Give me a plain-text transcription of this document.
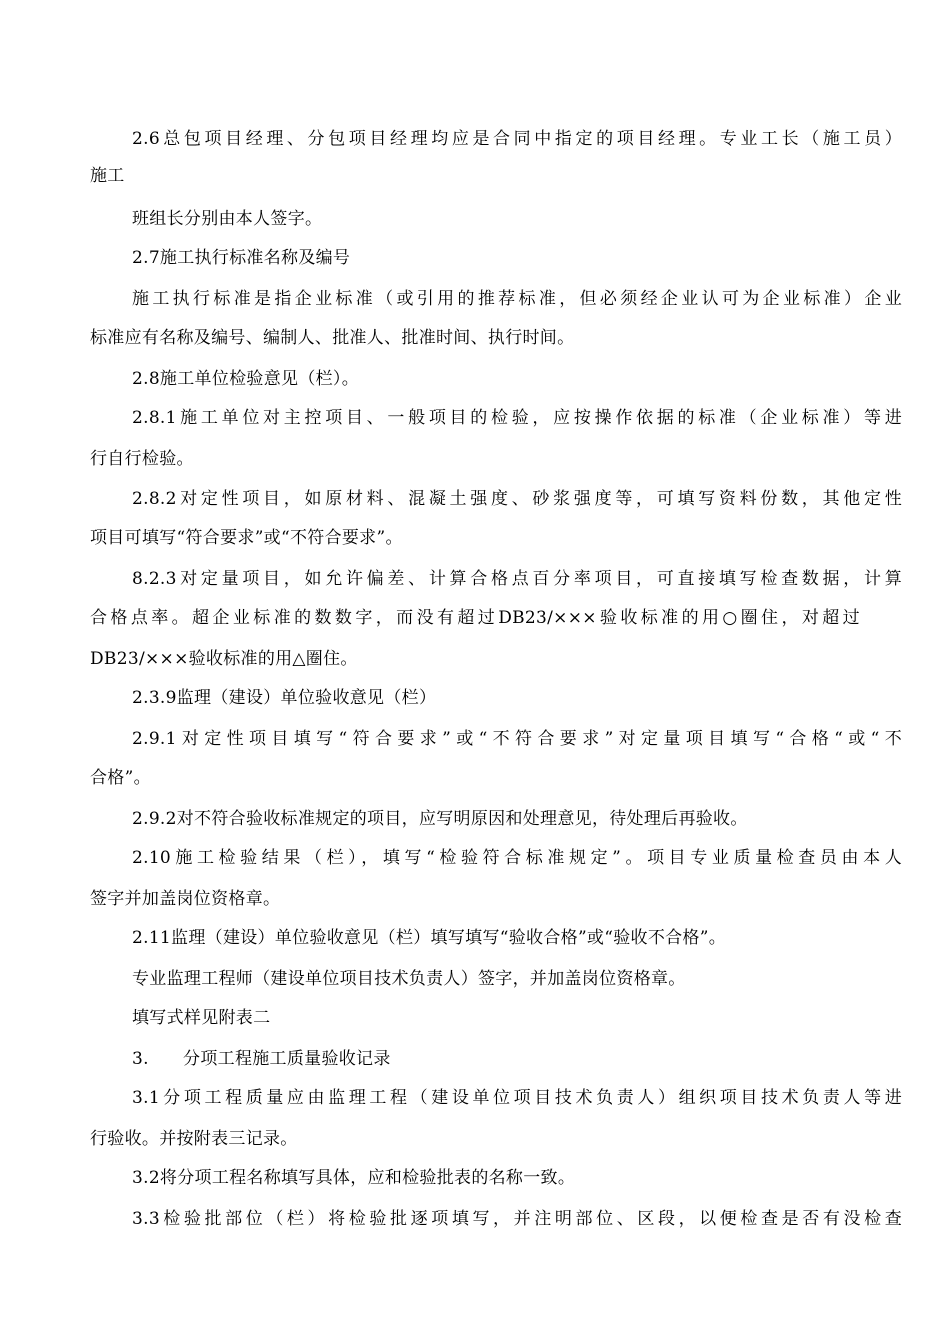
2.6总包项目经理、分包项目经理均应是合同中指定的项目经理。专业工长（施工员）

施工

班组长分别由本人签字。

2.7施工执行标准名称及编号

施工执行标准是指企业标准（或引用的推荐标准，但必须经企业认可为企业标准）企业

标准应有名称及编号、编制人、批准人、批准时间、执行时间。

2.8施工单位检验意见（栏）。

2.8.1施工单位对主控项目、一般项目的检验，应按操作依据的标准（企业标准）等进

行自行检验。

2.8.2对定性项目，如原材料、混凝土强度、砂浆强度等，可填写资料份数，其他定性

项目可填写“符合要求”或“不符合要求”。

8.2.3对定量项目，如允许偏差、计算合格点百分率项目，可直接填写检查数据，计算

合格点率。超企业标准的数数字，而没有超过DB23/×××验收标准的用○圈住，对超过

DB23/×××验收标准的用△圈住。

2.3.9监理（建设）单位验收意见（栏）

2.9.1对定性项目填写“符合要求”或“不符合要求”对定量项目填写“合格“或“不

合格”。

2.9.2对不符合验收标准规定的项目，应写明原因和处理意见，待处理后再验收。

2.10施工检验结果（栏），填写“检验符合标准规定”。项目专业质量检查员由本人

签字并加盖岗位资格章。

2.11监理（建设）单位验收意见（栏）填写填写“验收合格”或“验收不合格”。

专业监理工程师（建设单位项目技术负责人）签字，并加盖岗位资格章。

填写式样见附表二

3.      分项工程施工质量验收记录

3.1分项工程质量应由监理工程（建设单位项目技术负责人）组织项目技术负责人等进

行验收。并按附表三记录。

3.2将分项工程名称填写具体，应和检验批表的名称一致。

3.3检验批部位（栏）将检验批逐项填写，并注明部位、区段，以便检查是否有没检查
